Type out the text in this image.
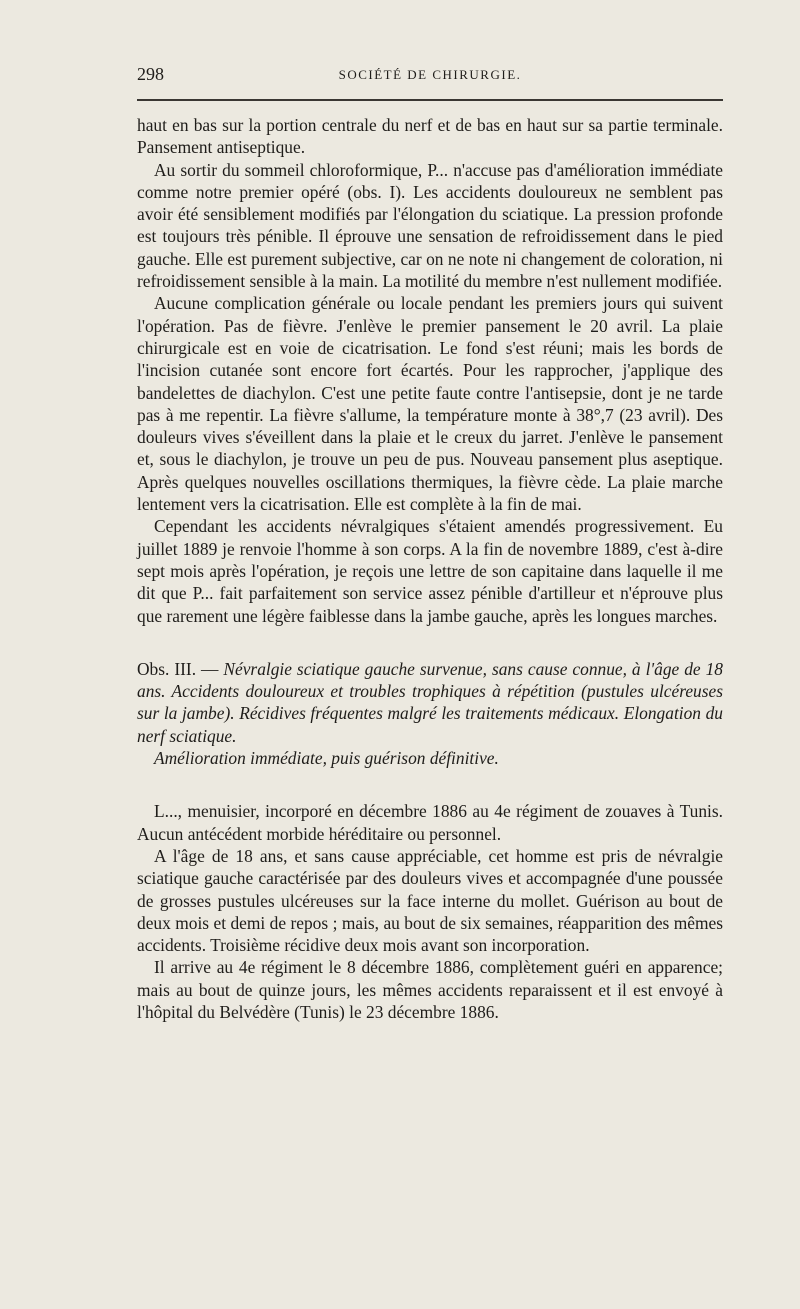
298	SOCIÉTÉ DE CHIRURGIE.

haut en bas sur la portion centrale du nerf et de bas en haut sur sa partie terminale. Pansement antiseptique.

Au sortir du sommeil chloroformique, P... n'accuse pas d'amélioration immédiate comme notre premier opéré (obs. I). Les accidents douloureux ne semblent pas avoir été sensiblement modifiés par l'élongation du sciatique. La pression profonde est toujours très pénible. Il éprouve une sensation de refroidissement dans le pied gauche. Elle est purement subjective, car on ne note ni changement de coloration, ni refroidissement sensible à la main. La motilité du membre n'est nullement modifiée.

Aucune complication générale ou locale pendant les premiers jours qui suivent l'opération. Pas de fièvre. J'enlève le premier pansement le 20 avril. La plaie chirurgicale est en voie de cicatrisation. Le fond s'est réuni; mais les bords de l'incision cutanée sont encore fort écartés. Pour les rapprocher, j'applique des bandelettes de diachylon. C'est une petite faute contre l'antisepsie, dont je ne tarde pas à me repentir. La fièvre s'allume, la température monte à 38°,7 (23 avril). Des douleurs vives s'éveillent dans la plaie et le creux du jarret. J'enlève le pansement et, sous le diachylon, je trouve un peu de pus. Nouveau pansement plus aseptique. Après quelques nouvelles oscillations thermiques, la fièvre cède. La plaie marche lentement vers la cicatrisation. Elle est complète à la fin de mai.

Cependant les accidents névralgiques s'étaient amendés progressivement. Eu juillet 1889 je renvoie l'homme à son corps. A la fin de novembre 1889, c'est à-dire sept mois après l'opération, je reçois une lettre de son capitaine dans laquelle il me dit que P... fait parfaitement son service assez pénible d'artilleur et n'éprouve plus que rarement une légère faiblesse dans la jambe gauche, après les longues marches.

Obs. III. — Névralgie sciatique gauche survenue, sans cause connue, à l'âge de 18 ans. Accidents douloureux et troubles trophiques à répétition (pustules ulcéreuses sur la jambe). Récidives fréquentes malgré les traitements médicaux. Elongation du nerf sciatique.

Amélioration immédiate, puis guérison définitive.

L..., menuisier, incorporé en décembre 1886 au 4e régiment de zouaves à Tunis. Aucun antécédent morbide héréditaire ou personnel.

A l'âge de 18 ans, et sans cause appréciable, cet homme est pris de névralgie sciatique gauche caractérisée par des douleurs vives et accompagnée d'une poussée de grosses pustules ulcéreuses sur la face interne du mollet. Guérison au bout de deux mois et demi de repos ; mais, au bout de six semaines, réapparition des mêmes accidents. Troisième récidive deux mois avant son incorporation.

Il arrive au 4e régiment le 8 décembre 1886, complètement guéri en apparence; mais au bout de quinze jours, les mêmes accidents reparaissent et il est envoyé à l'hôpital du Belvédère (Tunis) le 23 décembre 1886.
